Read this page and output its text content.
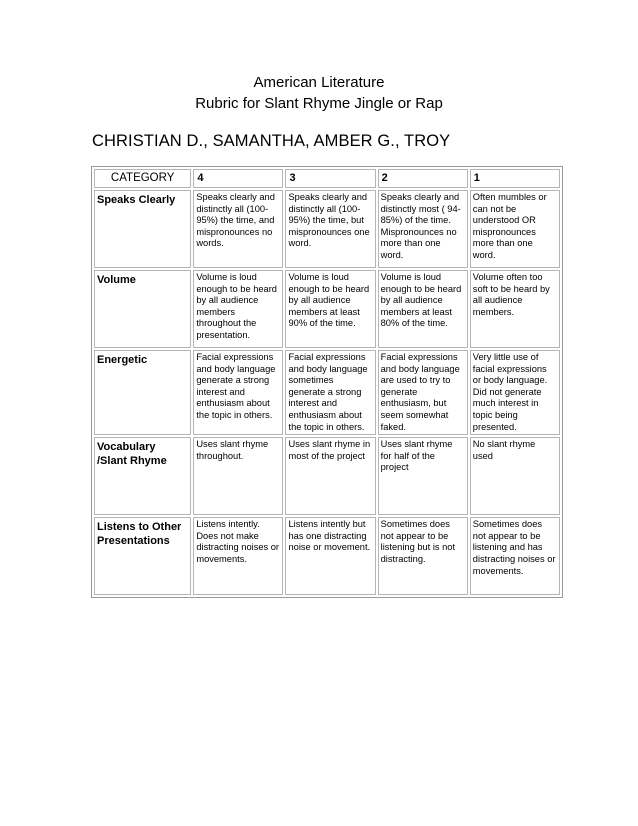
American Literature
Rubric for Slant Rhyme Jingle or Rap
CHRISTIAN D., SAMANTHA, AMBER G., TROY
CATEGORY	4	3	2	1
Speaks Clearly	Speaks clearly and distinctly all (100-95%) the time, and mispronounces no words.	Speaks clearly and distinctly all (100-95%) the time, but mispronounces one word.	Speaks clearly and distinctly most ( 94-85%) of the time. Mispronounces no more than one word.	Often mumbles or can not be understood OR mispronounces more than one word.
Volume	Volume is loud enough to be heard by all audience members throughout the presentation.	Volume is loud enough to be heard by all audience members at least 90% of the time.	Volume is loud enough to be heard by all audience members at least 80% of the time.	Volume often too soft to be heard by all audience members.
Energetic	Facial expressions and body language generate a strong interest and enthusiasm about the topic in others.	Facial expressions and body language sometimes generate a strong interest and enthusiasm about the topic in others.	Facial expressions and body language are used to try to generate enthusiasm, but seem somewhat faked.	Very little use of facial expressions or body language. Did not generate much interest in topic being presented.
Vocabulary /Slant Rhyme	Uses slant rhyme throughout.	Uses slant rhyme in most of the project	Uses slant rhyme for half of the project	No slant rhyme used
Listens to Other Presentations	Listens intently. Does not make distracting noises or movements.	Listens intently but has one distracting noise or movement.	Sometimes does not appear to be listening but is not distracting.	Sometimes does not appear to be listening and has distracting noises or movements.
